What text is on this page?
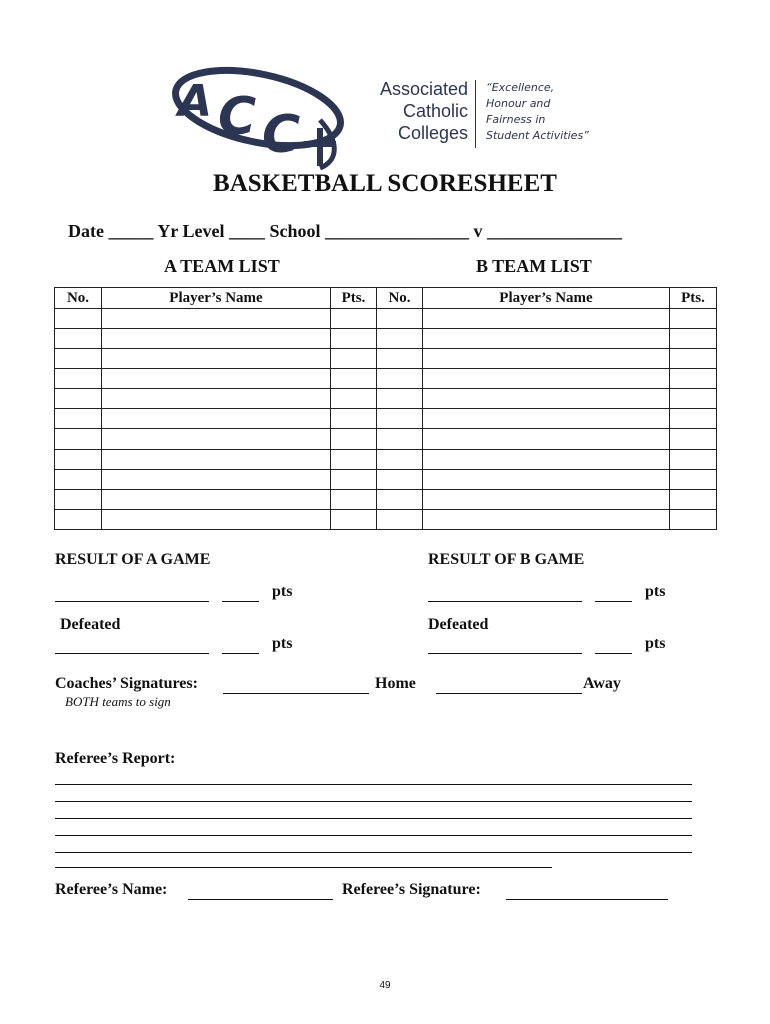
A C C
Associated
Catholic
Colleges
“Excellence,
Honour and
Fairness in
Student Activities”
BASKETBALL SCORESHEET
Date _____ Yr Level ____ School ________________ v _______________
A TEAM LIST	B TEAM LIST
No.	Player’s Name	Pts.	No.	Player’s Name	Pts.

RESULT OF A GAME	RESULT OF B GAME
pts	pts
Defeated	Defeated
pts	pts
Coaches’ Signatures:	Home	Away
BOTH teams to sign
Referee’s Report:
Referee’s Name:	Referee’s Signature:
49
